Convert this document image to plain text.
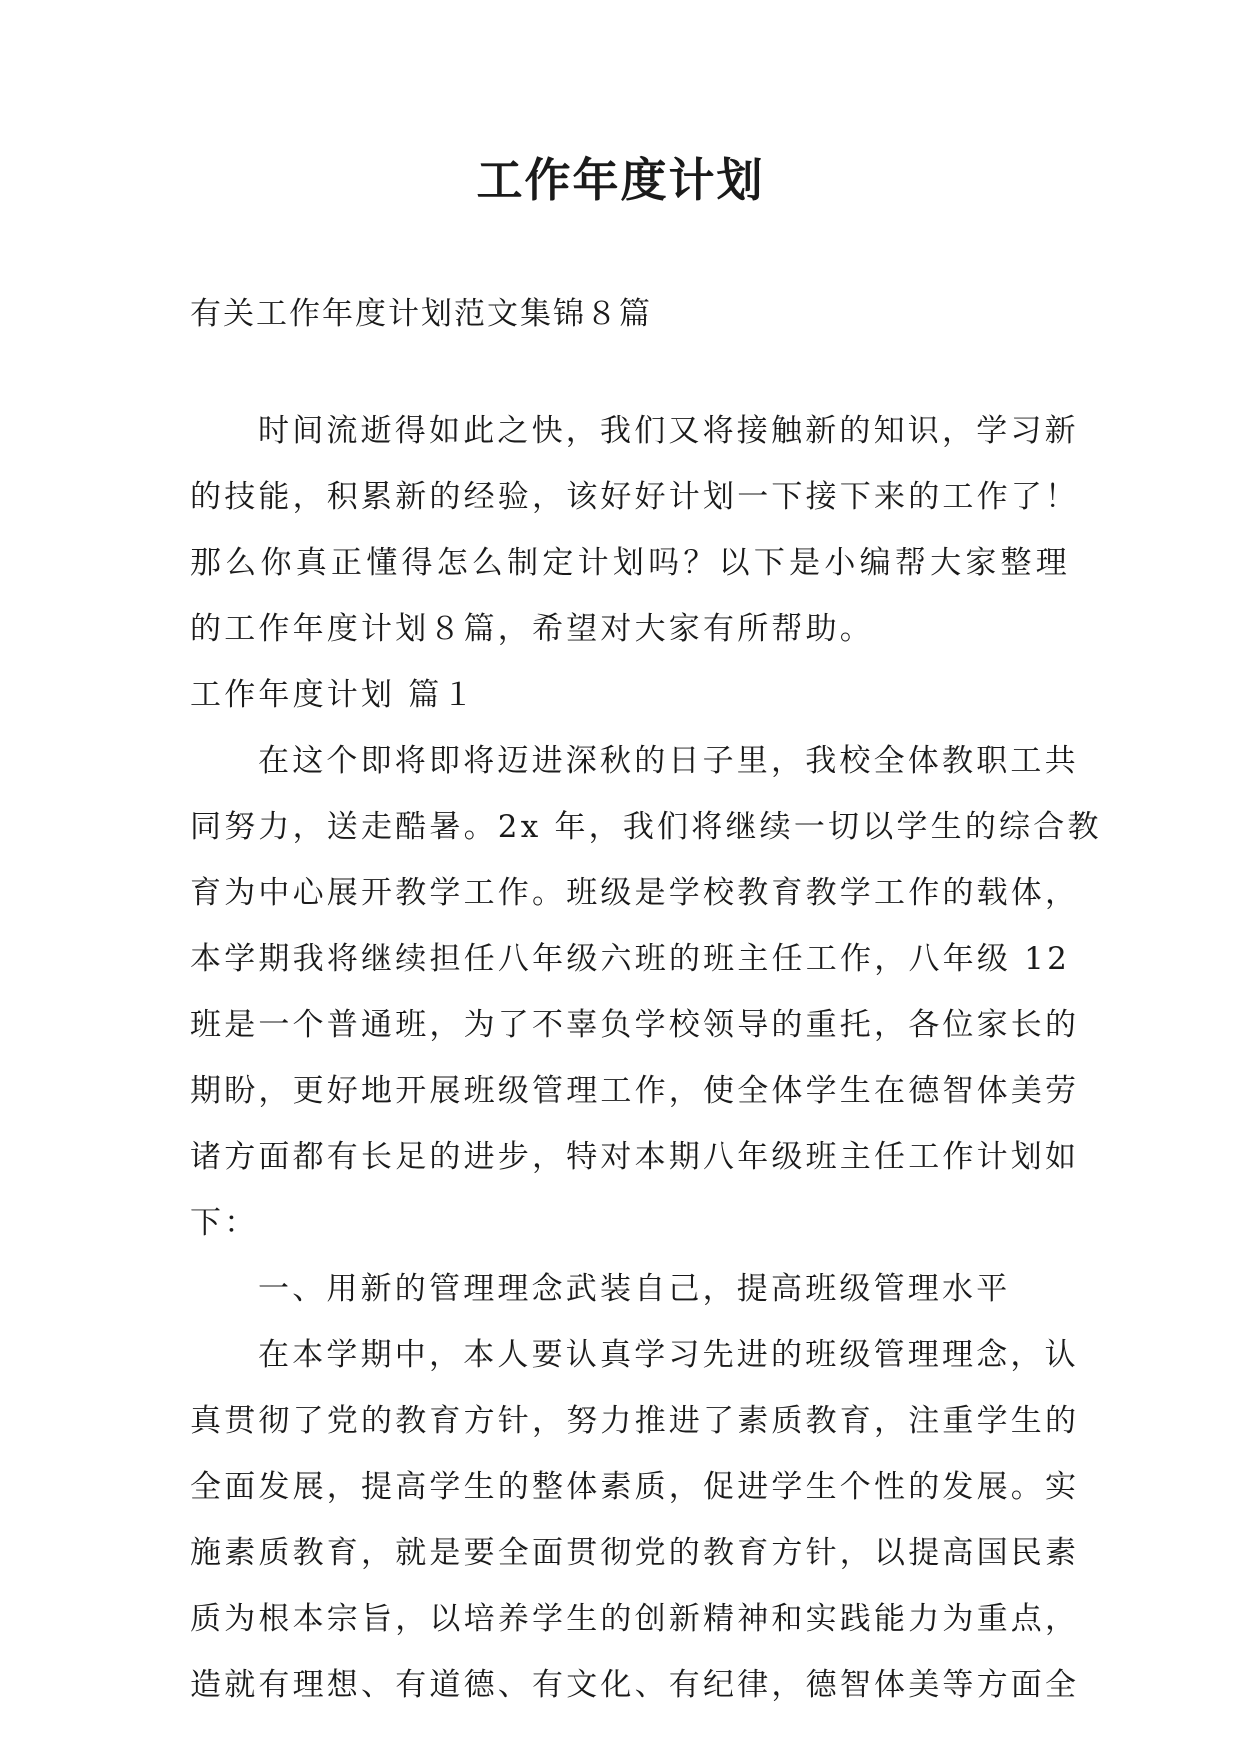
工作年度计划
有关工作年度计划范文集锦８篇
时间流逝得如此之快，我们又将接触新的知识，学习新
的技能，积累新的经验，该好好计划一下接下来的工作了！
那么你真正懂得怎么制定计划吗？以下是小编帮大家整理
的工作年度计划８篇，希望对大家有所帮助。
工作年度计划 篇１
在这个即将即将迈进深秋的日子里，我校全体教职工共
同努力，送走酷暑。2x 年，我们将继续一切以学生的综合教
育为中心展开教学工作。班级是学校教育教学工作的载体，
本学期我将继续担任八年级六班的班主任工作，八年级 12
班是一个普通班，为了不辜负学校领导的重托，各位家长的
期盼，更好地开展班级管理工作，使全体学生在德智体美劳
诸方面都有长足的进步，特对本期八年级班主任工作计划如
下：
一、用新的管理理念武装自己，提高班级管理水平
在本学期中，本人要认真学习先进的班级管理理念，认
真贯彻了党的教育方针，努力推进了素质教育，注重学生的
全面发展，提高学生的整体素质，促进学生个性的发展。实
施素质教育，就是要全面贯彻党的教育方针，以提高国民素
质为根本宗旨，以培养学生的创新精神和实践能力为重点，
造就有理想、有道德、有文化、有纪律，德智体美等方面全
